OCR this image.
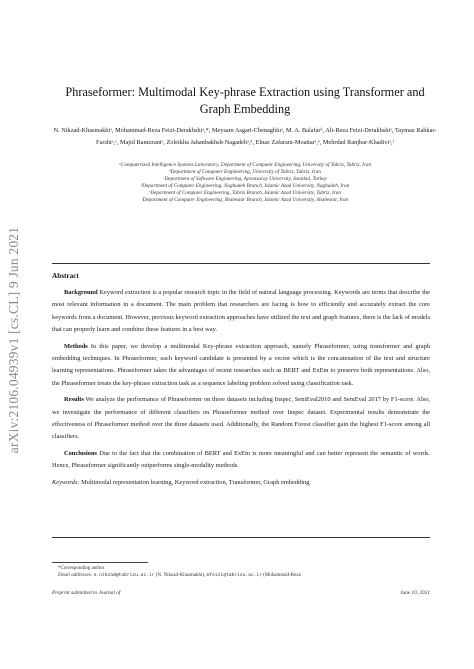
arXiv:2106.04939v1 [cs.CL] 9 Jun 2021
Phraseformer: Multimodal Key-phrase Extraction using Transformer and Graph Embedding
N. Nikzad-Khasmakhiᵃ, Mohammad-Reza Feizi-Derakhshiᵃ,*, Meysam Asgari-Chenaghluᵃ, M. A. Balafarᵇ, Ali-Reza Feizi-Derakhshiᵃ, Taymaz Rahkar-Farshiᵃ,ᶜ, Majid Ramezaniᵃ, Zoleikha Jahanbakhsh-Nagadehᵃ,ᵈ, Elnaz Zafarani-Moattarᵃ,ᵉ, Mehrdad Ranjbar-Khadiviᵃ,ᶠ
ᵃComputerized Intelligence Systems Laboratory, Department of Computer Engineering, University of Tabriz, Tabriz, Iran
ᵇDepartment of Computer Engineering, University of Tabriz, Tabriz, Iran
ᶜDepartment of Software Engineering, Ayvansaray University, Istanbul, Turkey
ᵈDepartment of Computer Engineering, Naghadeh Branch, Islamic Azad University, Naghadeh, Iran
ᵉDepartment of Computer Engineering, Tabriz Branch, Islamic Azad University, Tabriz, Iran
ᶠDepartment of Computer Engineering, Shabestar Branch, Islamic Azad University, Shabestar, Iran
Abstract

Background Keyword extraction is a popular research topic in the field of natural language processing. Keywords are terms that describe the most relevant information in a document. The main problem that researchers are facing is how to efficiently and accurately extract the core keywords from a document. However, previous keyword extraction approaches have utilized the text and graph features, there is the lack of models that can properly learn and combine these features in a best way.

Methods In this paper, we develop a multimodal Key-phrase extraction approach, namely Phraseformer, using transformer and graph embedding techniques. In Phraseformer, each keyword candidate is presented by a vector which is the concatenation of the text and structure learning representations. Phraseformer takes the advantages of recent researches such as BERT and ExEm to preserve both representations. Also, the Phraseformer treats the key-phrase extraction task as a sequence labeling problem solved using classification task.

Results We analyze the performance of Phraseformer on three datasets including Inspec, SemEval2010 and SemEval 2017 by F1-score. Also, we investigate the performance of different classifiers on Phraseformer method over Inspec dataset. Experimental results demonstrate the effectiveness of Phraseformer method over the three datasets used. Additionally, the Random Forest classifier gain the highest F1-score among all classifiers.

Conclusions Due to the fact that the combination of BERT and ExEm is more meaningful and can better represent the semantic of words. Hence, Phraseformer significantly outperforms single-modality methods.

Keywords: Multimodal representation learning, Keyword extraction, Transformer, Graph embedding

*Corresponding author
Email addresses: n.nikzad@tabrizu.ac.ir (N. Nikzad-Khasmakhi), mfeizi@tabrizu.ac.ir (Mohammad-Reza
Preprint submitted to Journal of	June 10, 2021
